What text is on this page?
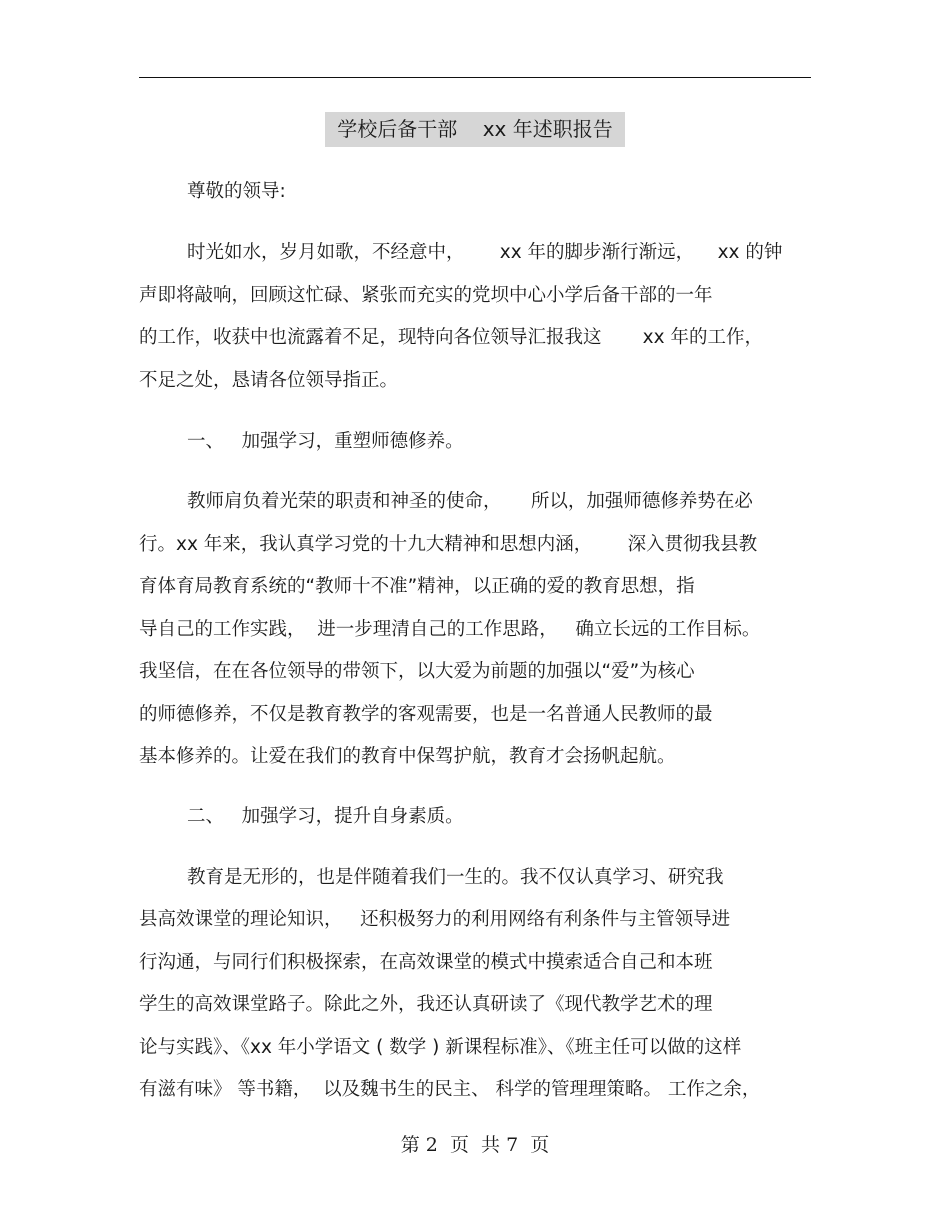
学校后备干部    xx 年述职报告
尊敬的领导:
时光如水，岁月如歌，不经意中，      xx 年的脚步渐行渐远，    xx 的钟
声即将敲响，回顾这忙碌、紧张而充实的党坝中心小学后备干部的一年
的工作，收获中也流露着不足，现特向各位领导汇报我这       xx 年的工作，
不足之处，恳请各位领导指正。
一、   加强学习，重塑师德修养。
教师肩负着光荣的职责和神圣的使命，     所以，加强师德修养势在必
行。xx 年来，我认真学习党的十九大精神和思想内涵，      深入贯彻我县教
育体育局教育系统的“教师十不准”精神，以正确的爱的教育思想，指
导自己的工作实践，  进一步理清自己的工作思路，   确立长远的工作目标。
我坚信，在在各位领导的带领下，以大爱为前题的加强以“爱”为核心
的师德修养，不仅是教育教学的客观需要，也是一名普通人民教师的最
基本修养的。让爱在我们的教育中保驾护航，教育才会扬帆起航。
二、   加强学习，提升自身素质。
教育是无形的，也是伴随着我们一生的。我不仅认真学习、研究我
县高效课堂的理论知识，   还积极努力的利用网络有利条件与主管领导进
行沟通，与同行们积极探索，在高效课堂的模式中摸索适合自己和本班
学生的高效课堂路子。除此之外，我还认真研读了《现代教学艺术的理
论与实践》、《xx 年小学语文 ( 数学 ) 新课程标准》、《班主任可以做的这样
有滋有味》 等书籍，  以及魏书生的民主、 科学的管理理策略。 工作之余，
第 2  页  共 7  页
